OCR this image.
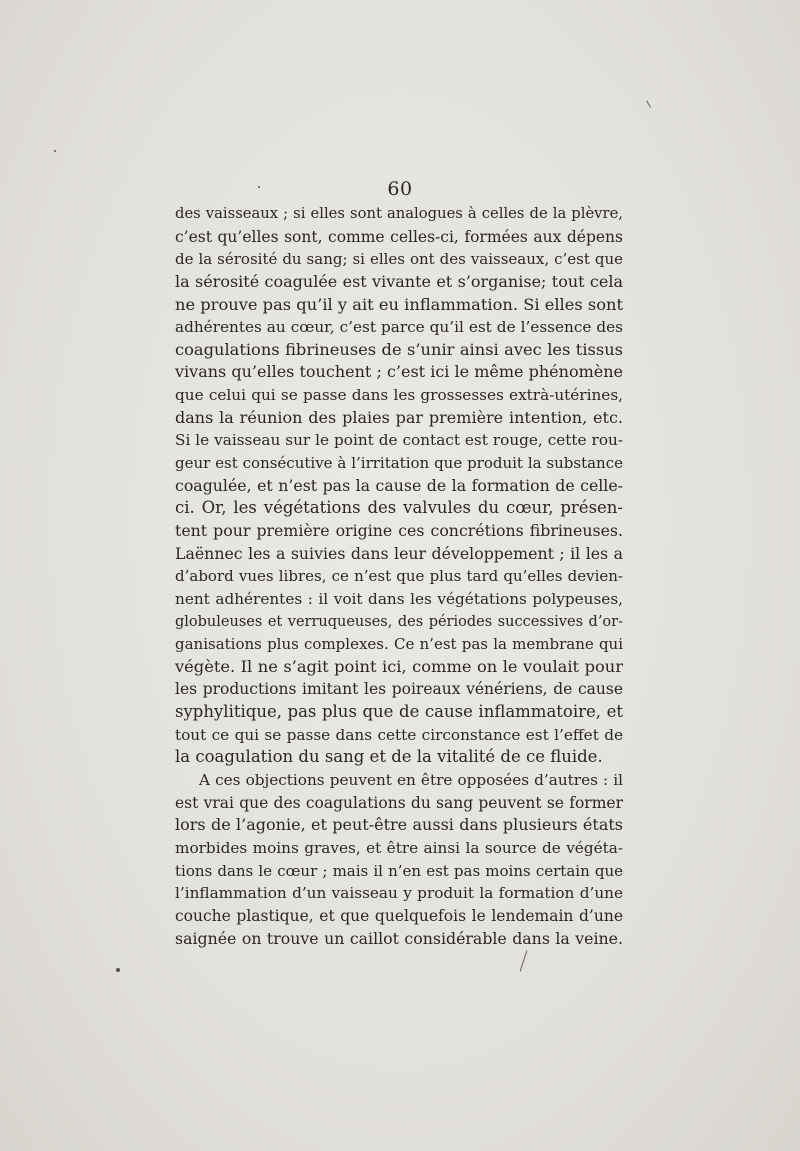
60
des vaisseaux ; si elles sont analogues à celles de la plèvre,
c’est qu’elles sont, comme celles-ci, formées aux dépens
de la sérosité du sang; si elles ont des vaisseaux, c’est que
la sérosité coagulée est vivante et s’organise; tout cela
ne prouve pas qu’il y ait eu inflammation. Si elles sont
adhérentes au cœur, c’est parce qu’il est de l’essence des
coagulations fibrineuses de s’unir ainsi avec les tissus
vivans qu’elles touchent ; c’est ici le même phénomène
que celui qui se passe dans les grossesses extrà-utérines,
dans la réunion des plaies par première intention, etc.
Si le vaisseau sur le point de contact est rouge, cette rou-
geur est consécutive à l’irritation que produit la substance
coagulée, et n’est pas la cause de la formation de celle-
ci. Or, les végétations des valvules du cœur, présen-
tent pour première origine ces concrétions fibrineuses.
Laënnec les a suivies dans leur développement ; il les a
d’abord vues libres, ce n’est que plus tard qu’elles devien-
nent adhérentes : il voit dans les végétations polypeuses,
globuleuses et verruqueuses, des périodes successives d’or-
ganisations plus complexes. Ce n’est pas la membrane qui
végète. Il ne s’agit point ici, comme on le voulait pour
les productions imitant les poireaux vénériens, de cause
syphylitique, pas plus que de cause inflammatoire, et
tout ce qui se passe dans cette circonstance est l’effet de
la coagulation du sang et de la vitalité de ce fluide.
A ces objections peuvent en être opposées d’autres : il
est vrai que des coagulations du sang peuvent se former
lors de l’agonie, et peut-être aussi dans plusieurs états
morbides moins graves, et être ainsi la source de végéta-
tions dans le cœur ; mais il n’en est pas moins certain que
l’inflammation d’un vaisseau y produit la formation d’une
couche plastique, et que quelquefois le lendemain d’une
saignée on trouve un caillot considérable dans la veine.
